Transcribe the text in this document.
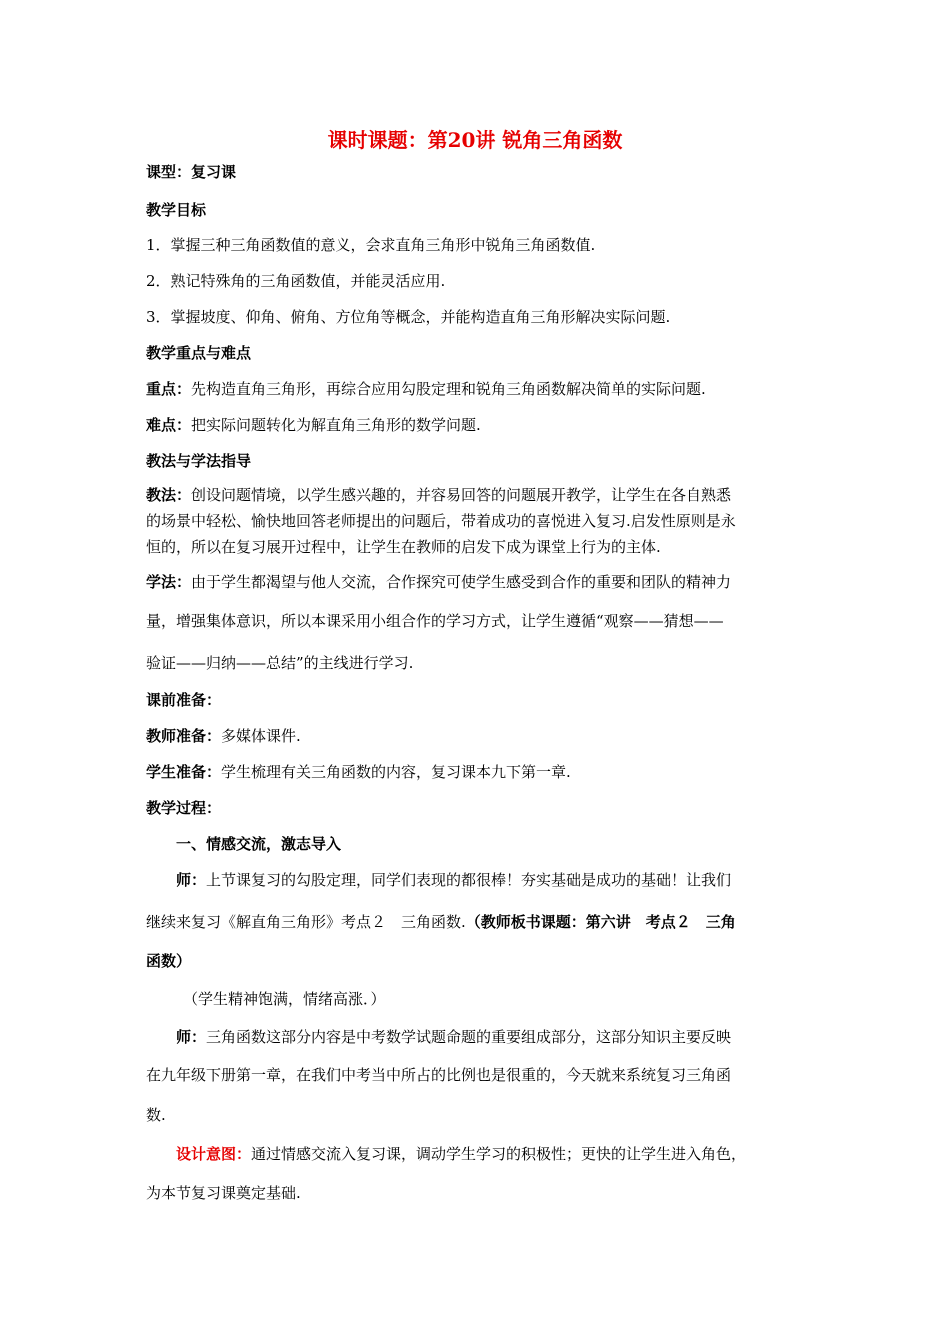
课时课题：第20讲 锐角三角函数
课型：复习课
教学目标
1．掌握三种三角函数值的意义，会求直角三角形中锐角三角函数值.
2．熟记特殊角的三角函数值，并能灵活应用.
3．掌握坡度、仰角、俯角、方位角等概念，并能构造直角三角形解决实际问题.
教学重点与难点
重点：先构造直角三角形，再综合应用勾股定理和锐角三角函数解决简单的实际问题.
难点：把实际问题转化为解直角三角形的数学问题.
教法与学法指导
教法：创设问题情境，以学生感兴趣的，并容易回答的问题展开教学，让学生在各自熟悉
的场景中轻松、愉快地回答老师提出的问题后，带着成功的喜悦进入复习.启发性原则是永
恒的，所以在复习展开过程中，让学生在教师的启发下成为课堂上行为的主体.
学法：由于学生都渴望与他人交流，合作探究可使学生感受到合作的重要和团队的精神力
量，增强集体意识，所以本课采用小组合作的学习方式，让学生遵循“观察——猜想——
验证——归纳——总结”的主线进行学习.
课前准备：
教师准备：多媒体课件.
学生准备：学生梳理有关三角函数的内容，复习课本九下第一章.
教学过程：
一、情感交流，激志导入
师：上节课复习的勾股定理，同学们表现的都很棒！夯实基础是成功的基础！让我们
继续来复习《解直角三角形》考点２　三角函数.（教师板书课题：第六讲　考点２　三角
函数）
（学生精神饱满，情绪高涨．）
师：三角函数这部分内容是中考数学试题命题的重要组成部分，这部分知识主要反映
在九年级下册第一章，在我们中考当中所占的比例也是很重的，今天就来系统复习三角函
数.
设计意图：通过情感交流入复习课，调动学生学习的积极性；更快的让学生进入角色，
为本节复习课奠定基础.
